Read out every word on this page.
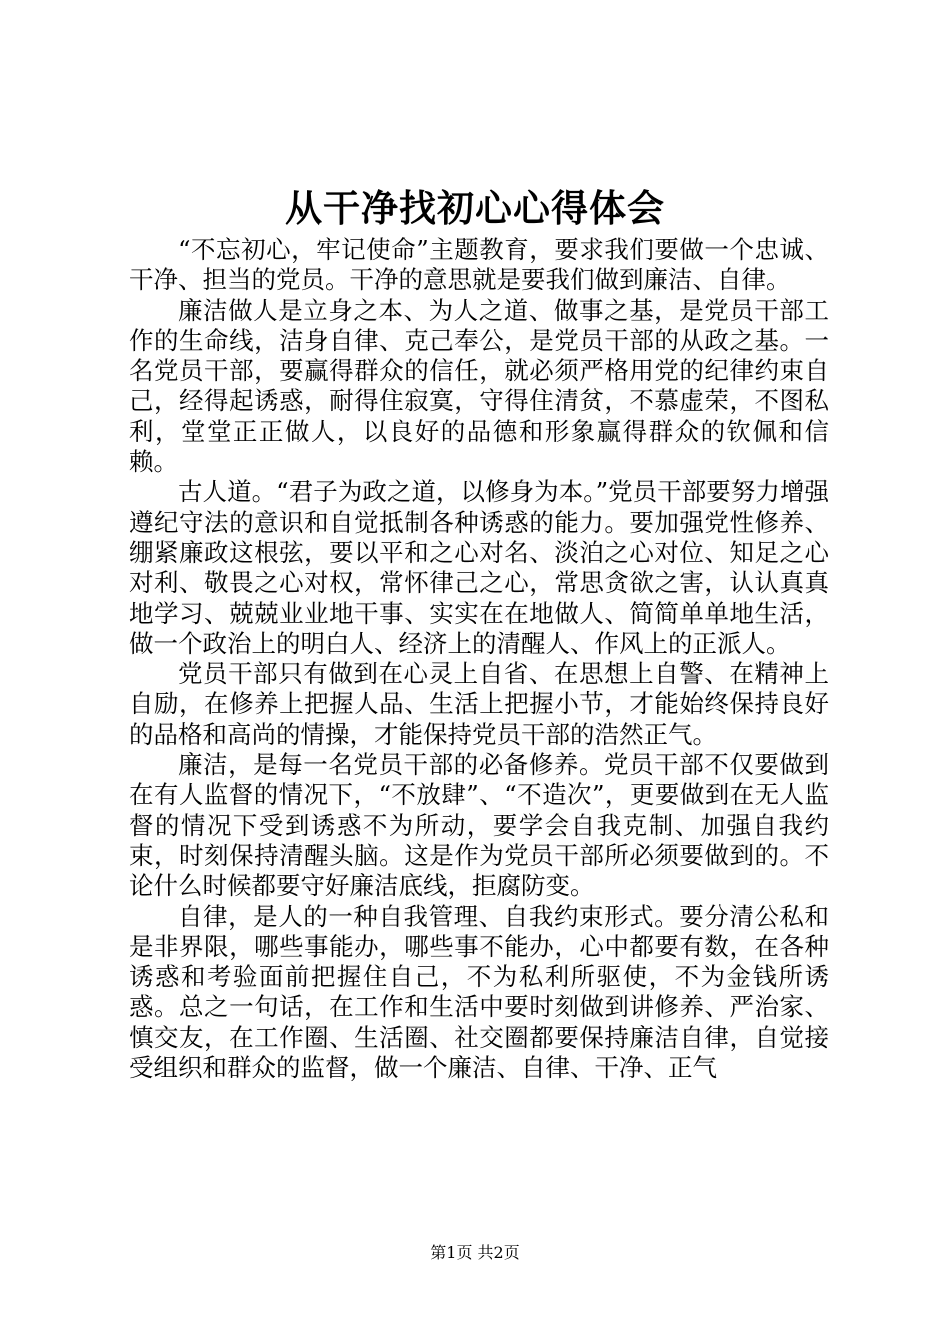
从干净找初心心得体会

“不忘初心，牢记使命”主题教育，要求我们要做一个忠诚、干净、担当的党员。干净的意思就是要我们做到廉洁、自律。

廉洁做人是立身之本、为人之道、做事之基，是党员干部工作的生命线，洁身自律、克己奉公，是党员干部的从政之基。一名党员干部，要赢得群众的信任，就必须严格用党的纪律约束自己，经得起诱惑，耐得住寂寞，守得住清贫，不慕虚荣，不图私利，堂堂正正做人，以良好的品德和形象赢得群众的钦佩和信赖。

古人道。“君子为政之道，以修身为本。”党员干部要努力增强遵纪守法的意识和自觉抵制各种诱惑的能力。要加强党性修养、绷紧廉政这根弦，要以平和之心对名、淡泊之心对位、知足之心对利、敬畏之心对权，常怀律己之心，常思贪欲之害，认认真真地学习、兢兢业业地干事、实实在在地做人、简简单单地生活，做一个政治上的明白人、经济上的清醒人、作风上的正派人。

党员干部只有做到在心灵上自省、在思想上自警、在精神上自励，在修养上把握人品、生活上把握小节，才能始终保持良好的品格和高尚的情操，才能保持党员干部的浩然正气。

廉洁，是每一名党员干部的必备修养。党员干部不仅要做到在有人监督的情况下，“不放肆”、“不造次”，更要做到在无人监督的情况下受到诱惑不为所动，要学会自我克制、加强自我约束，时刻保持清醒头脑。这是作为党员干部所必须要做到的。不论什么时候都要守好廉洁底线，拒腐防变。

自律，是人的一种自我管理、自我约束形式。要分清公私和是非界限，哪些事能办，哪些事不能办，心中都要有数，在各种诱惑和考验面前把握住自己，不为私利所驱使，不为金钱所诱惑。总之一句话，在工作和生活中要时刻做到讲修养、严治家、慎交友，在工作圈、生活圈、社交圈都要保持廉洁自律，自觉接受组织和群众的监督，做一个廉洁、自律、干净、正气

第1页 共2页
